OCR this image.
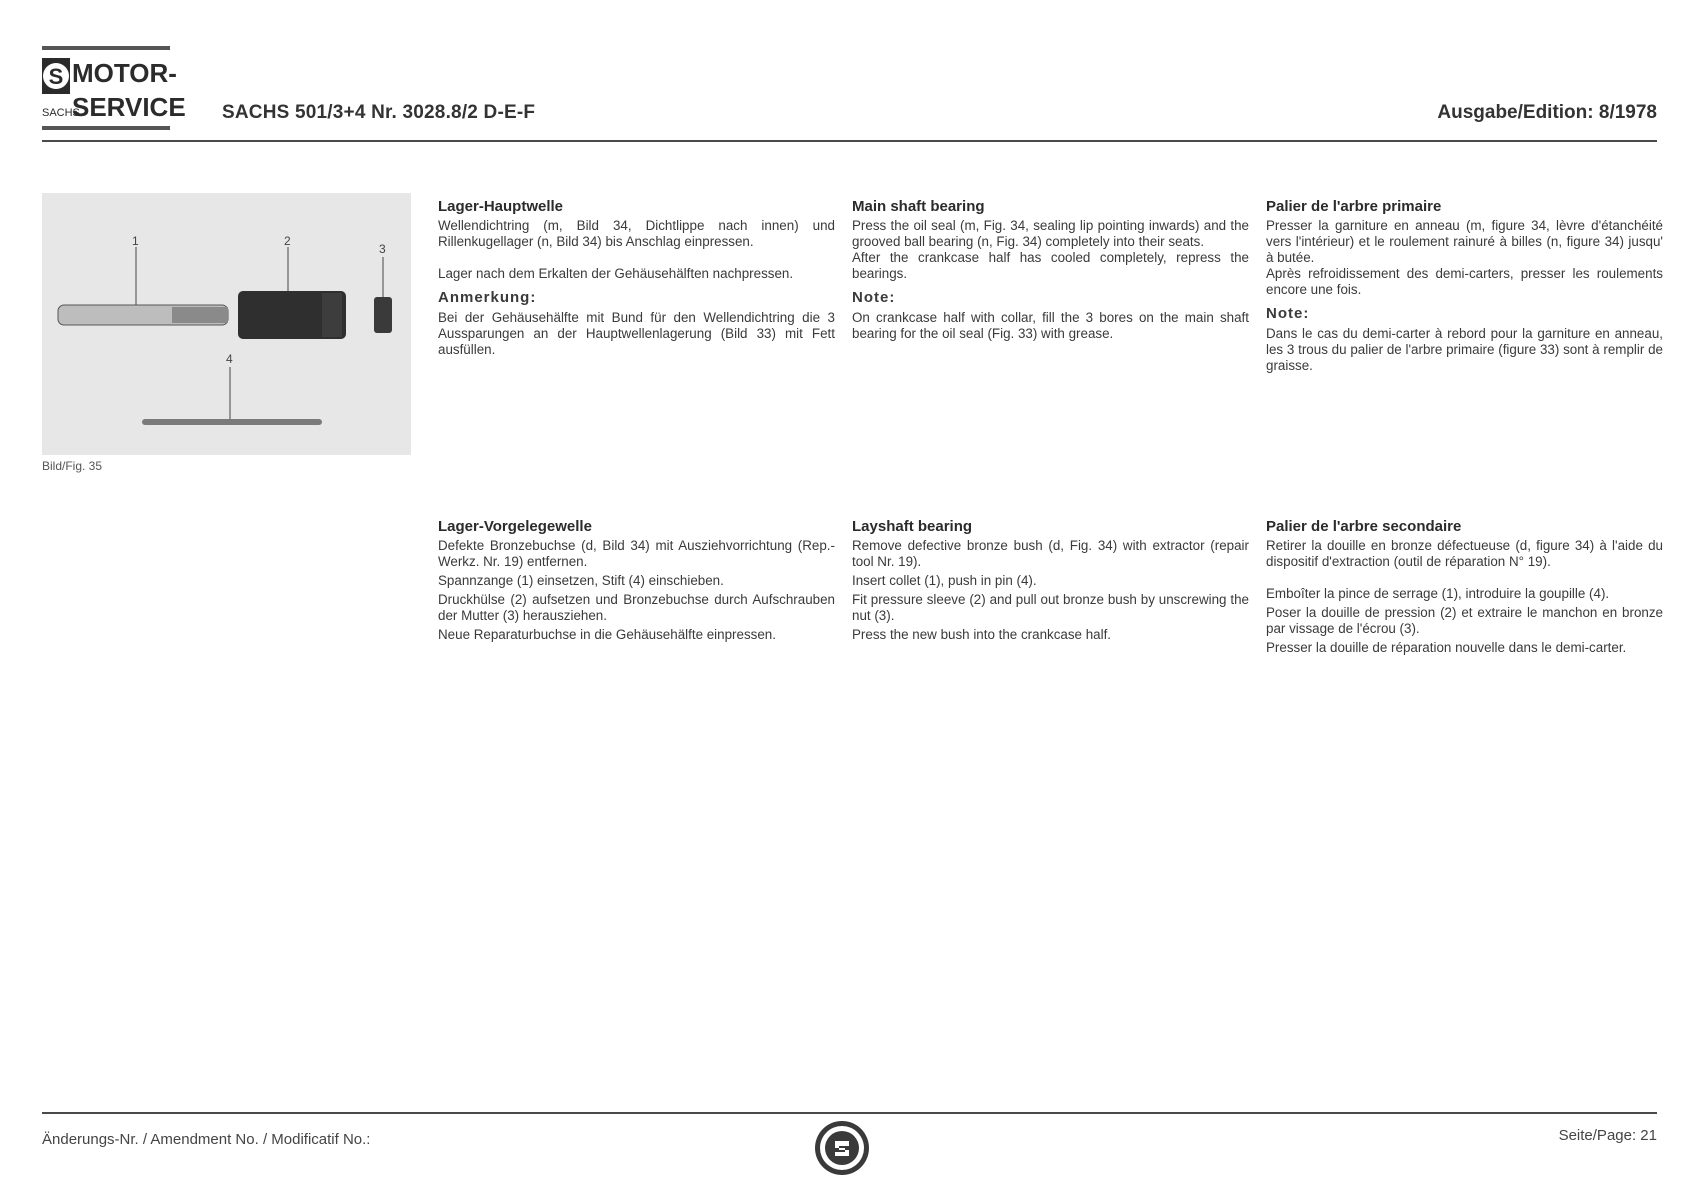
S MOTOR-
SERVICE
SACHS	SACHS 501/3+4 Nr. 3028.8/2 D-E-F	Ausgabe/Edition: 8/1978
1	2
3
4
Bild/Fig. 35
Lager-Hauptwelle

Wellendichtring (m, Bild 34, Dichtlippe nach innen) und Rillenkugellager (n, Bild 34) bis Anschlag einpressen.

Lager nach dem Erkalten der Gehäusehälften nachpressen.

Anmerkung:

Bei der Gehäusehälfte mit Bund für den Wellendichtring die 3 Aussparungen an der Hauptwellenlagerung (Bild 33) mit Fett ausfüllen.

Main shaft bearing

Press the oil seal (m, Fig. 34, sealing lip pointing inwards) and the grooved ball bearing (n, Fig. 34) completely into their seats.

After the crankcase half has cooled completely, repress the bearings.

Note:

On crankcase half with collar, fill the 3 bores on the main shaft bearing for the oil seal (Fig. 33) with grease.

Palier de l'arbre primaire

Presser la garniture en anneau (m, figure 34, lèvre d'étanchéité vers l'intérieur) et le roulement rainuré à billes (n, figure 34) jusqu' à butée.

Après refroidissement des demi-carters, presser les roulements encore une fois.

Note:

Dans le cas du demi-carter à rebord pour la garniture en anneau, les 3 trous du palier de l'arbre primaire (figure 33) sont à remplir de graisse.

Lager-Vorgelegewelle

Defekte Bronzebuchse (d, Bild 34) mit Ausziehvorrichtung (Rep.-Werkz. Nr. 19) entfernen.

Spannzange (1) einsetzen, Stift (4) einschieben.

Druckhülse (2) aufsetzen und Bronzebuchse durch Aufschrauben der Mutter (3) herausziehen.

Neue Reparaturbuchse in die Gehäusehälfte einpressen.

Layshaft bearing

Remove defective bronze bush (d, Fig. 34) with extractor (repair tool Nr. 19).

Insert collet (1), push in pin (4).

Fit pressure sleeve (2) and pull out bronze bush by unscrewing the nut (3).

Press the new bush into the crankcase half.

Palier de l'arbre secondaire

Retirer la douille en bronze défectueuse (d, figure 34) à l'aide du dispositif d'extraction (outil de réparation N° 19).

Emboîter la pince de serrage (1), introduire la goupille (4).

Poser la douille de pression (2) et extraire le manchon en bronze par vissage de l'écrou (3).

Presser la douille de réparation nouvelle dans le demi-carter.

Änderungs-Nr. / Amendment No. / Modificatif No.:	Seite/Page: 21
